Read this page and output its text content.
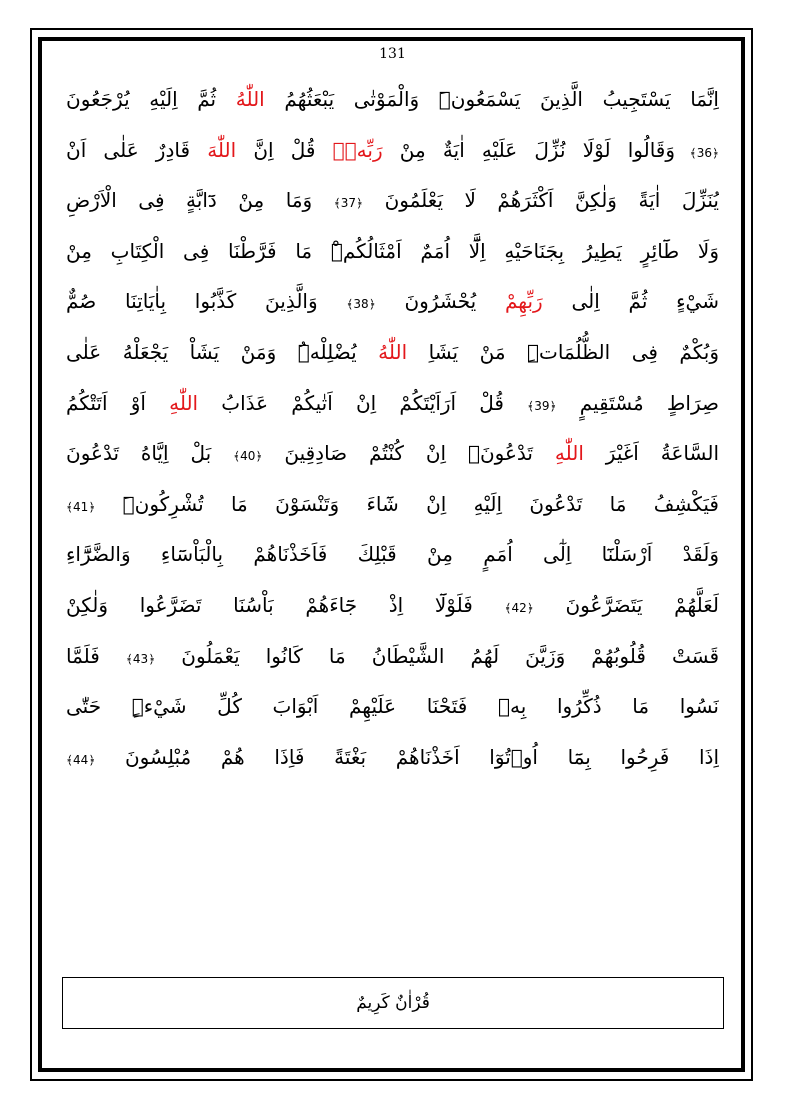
131
اِنَّمَا يَسْتَجِيبُ الَّذِينَ يَسْمَعُونَۜ وَالْمَوْتٰى يَبْعَثُهُمُ اللّٰهُ ثُمَّ اِلَيْهِ يُرْجَعُونَ
﴿36﴾ وَقَالُوا لَوْلَا نُزِّلَ عَلَيْهِ اٰيَةٌ مِنْ رَبِّهٖۜ قُلْ اِنَّ اللّٰهَ قَادِرٌ عَلٰى اَنْ
يُنَزِّلَ اٰيَةً وَلٰكِنَّ اَكْثَرَهُمْ لَا يَعْلَمُونَ ﴿37﴾ وَمَا مِنْ دَٓابَّةٍ فِى الْاَرْضِ
وَلَا طَٓائِرٍ يَطِيرُ بِجَنَاحَيْهِ اِلَّٓا اُمَمٌ اَمْثَالُكُمْۜ مَا فَرَّطْنَا فِى الْكِتَابِ مِنْ
شَيْءٍ ثُمَّ اِلٰى رَبِّهِمْ يُحْشَرُونَ ﴿38﴾ وَالَّذِينَ كَذَّبُوا بِاٰيَاتِنَا صُمٌّ
وَبُكْمٌ فِى الظُّلُمَاتِۜ مَنْ يَشَاِ اللّٰهُ يُضْلِلْهُۜ وَمَنْ يَشَاْ يَجْعَلْهُ عَلٰى
صِرَاطٍ مُسْتَقِيمٍ ﴿39﴾ قُلْ اَرَاَيْتَكُمْ اِنْ اَتٰيكُمْ عَذَابُ اللّٰهِ اَوْ اَتَتْكُمُ
السَّاعَةُ اَغَيْرَ اللّٰهِ تَدْعُونَۚ اِنْ كُنْتُمْ صَادِقِينَ ﴿40﴾ بَلْ اِيَّاهُ تَدْعُونَ
فَيَكْشِفُ مَا تَدْعُونَ اِلَيْهِ اِنْ شَٓاءَ وَتَنْسَوْنَ مَا تُشْرِكُونَۧ ﴿41﴾
وَلَقَدْ اَرْسَلْنَٓا اِلٰٓى اُمَمٍ مِنْ قَبْلِكَ فَاَخَذْنَاهُمْ بِالْبَاْسَٓاءِ وَالضَّرَّٓاءِ
لَعَلَّهُمْ يَتَضَرَّعُونَ ﴿42﴾ فَلَوْلَٓا اِذْ جَٓاءَهُمْ بَاْسُنَا تَضَرَّعُوا وَلٰكِنْ
قَسَتْ قُلُوبُهُمْ وَزَيَّنَ لَهُمُ الشَّيْطَانُ مَا كَانُوا يَعْمَلُونَ ﴿43﴾ فَلَمَّا
نَسُوا مَا ذُكِّرُوا بِهٖ فَتَحْنَا عَلَيْهِمْ اَبْوَابَ كُلِّ شَيْءٍۜ حَتّٰى
اِذَا فَرِحُوا بِمَٓا اُو۫تُوٓا اَخَذْنَاهُمْ بَغْتَةً فَاِذَا هُمْ مُبْلِسُونَ ﴿44﴾
قُرْاٰنٌ كَرِيمٌ
